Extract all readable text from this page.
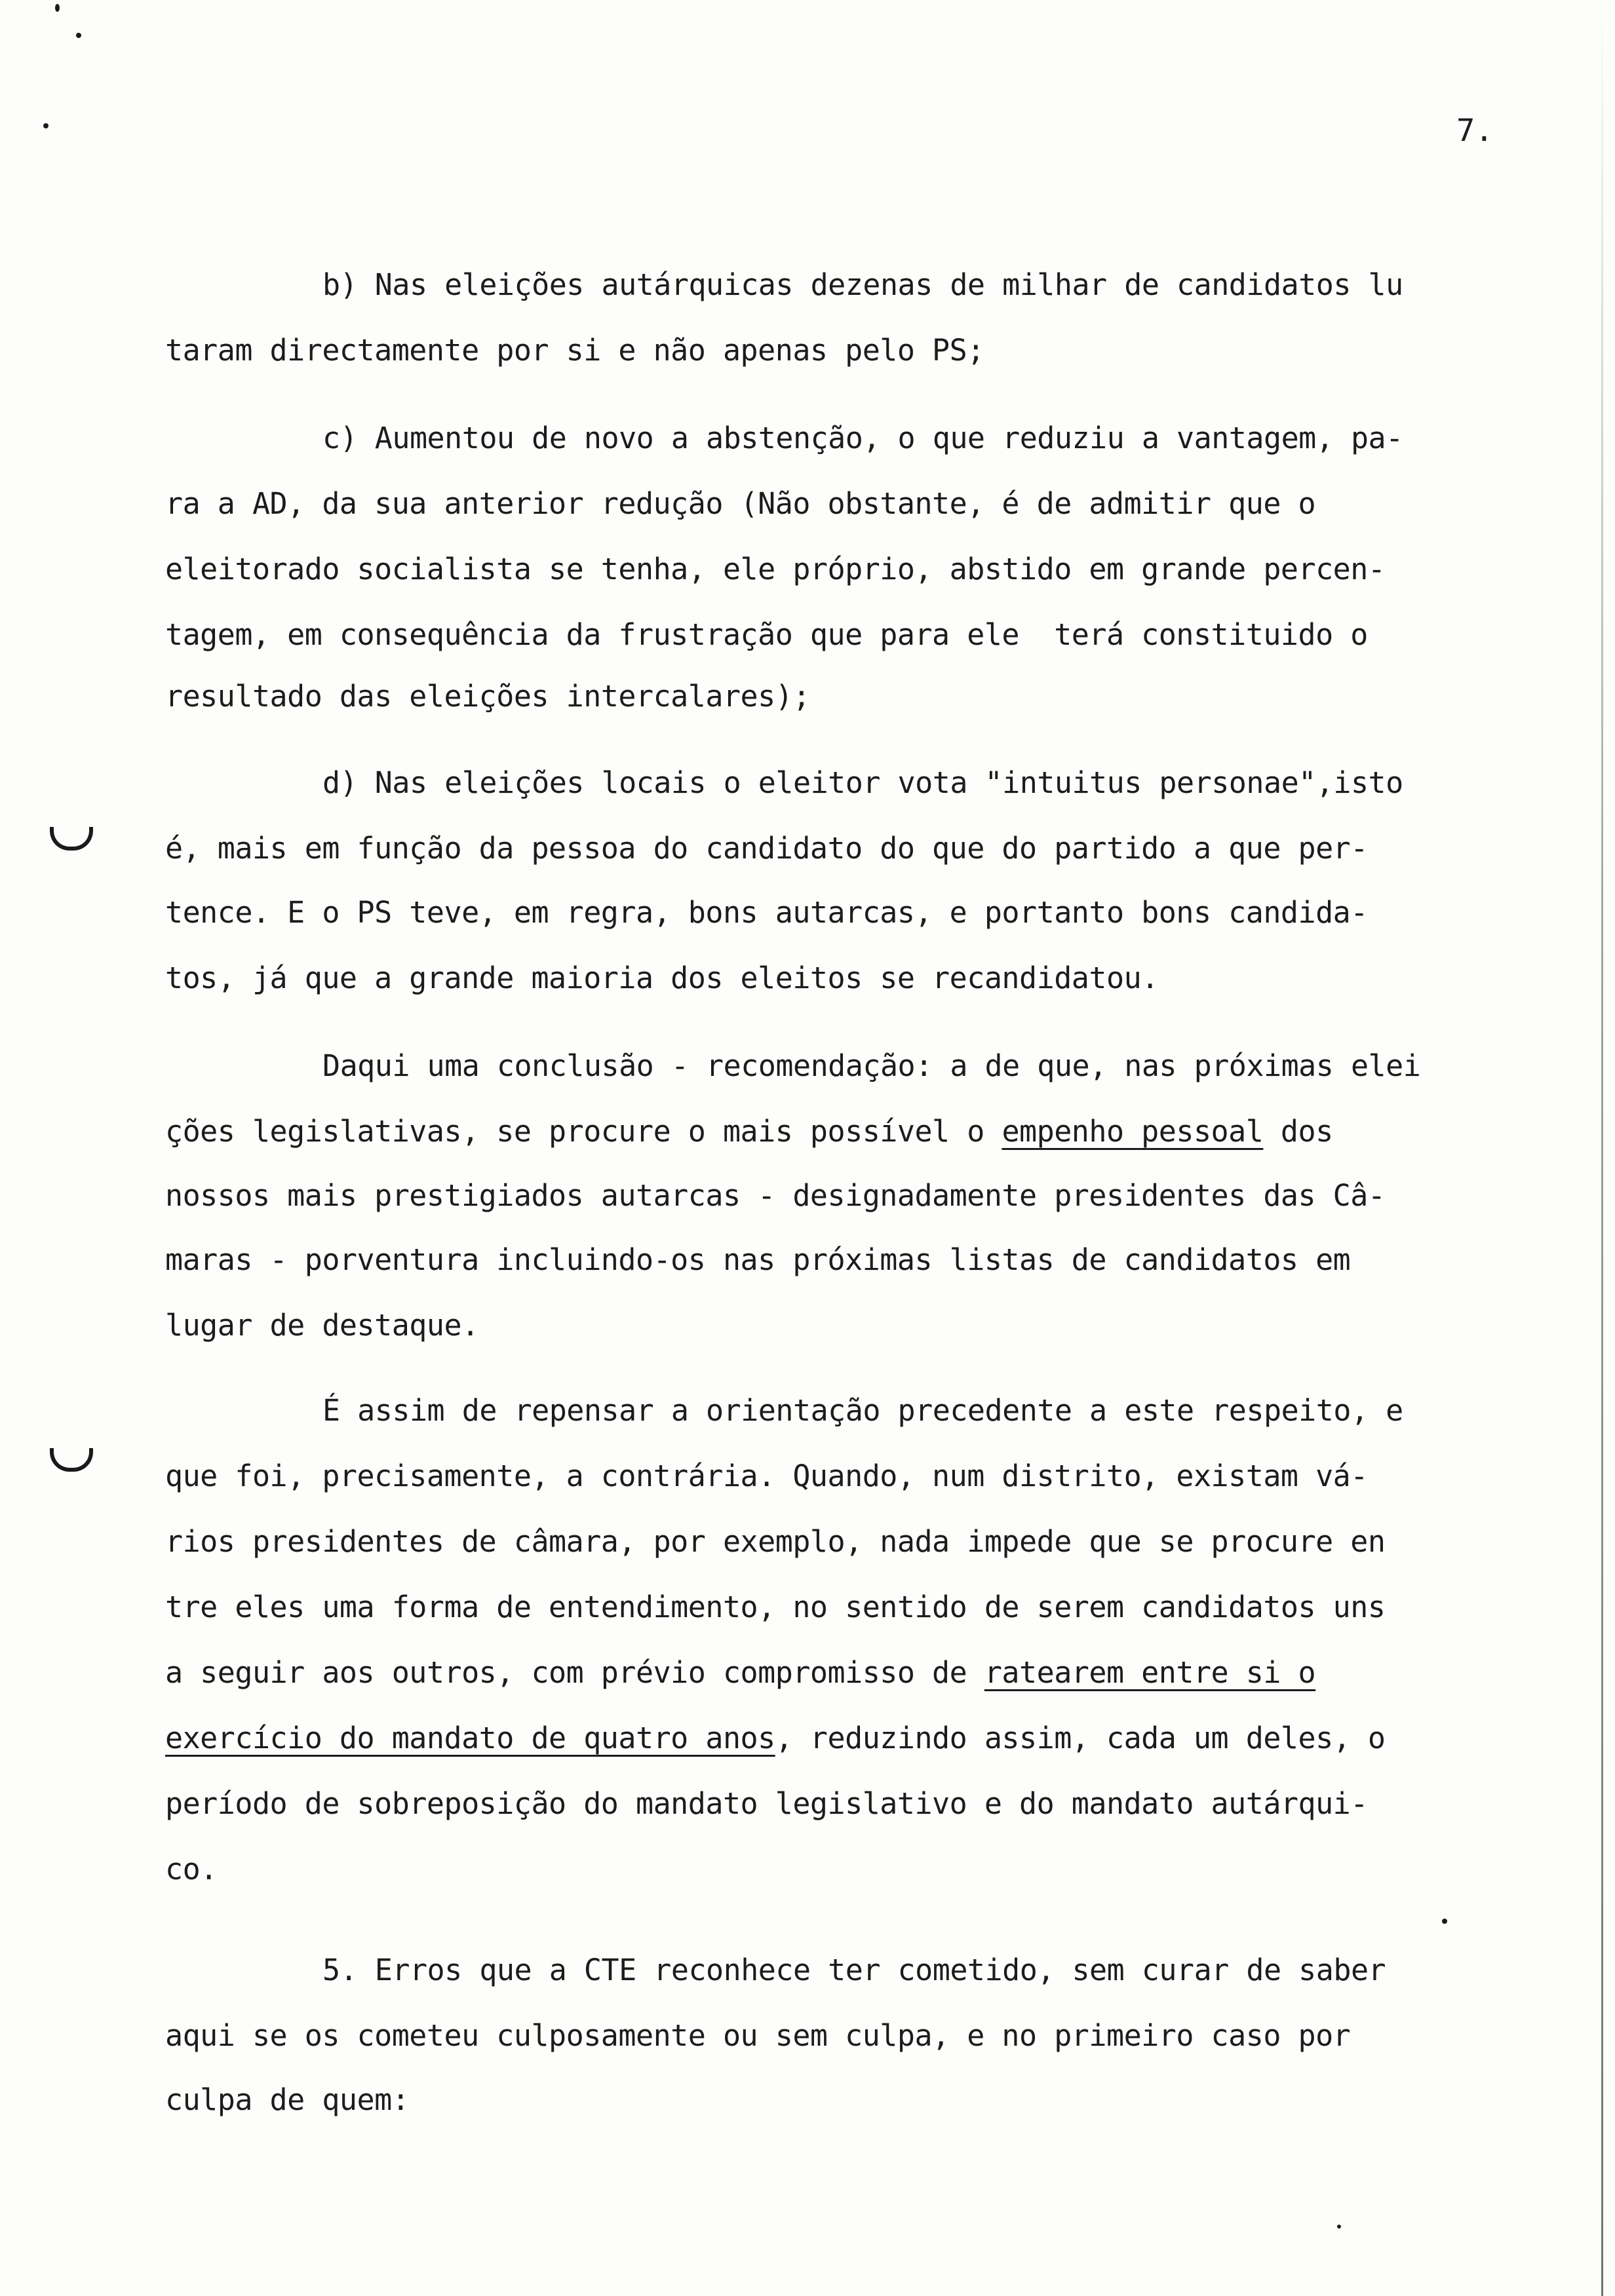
7.
b) Nas eleições autárquicas dezenas de milhar de candidatos lu
taram directamente por si e não apenas pelo PS;
c) Aumentou de novo a abstenção, o que reduziu a vantagem, pa-
ra a AD, da sua anterior redução (Não obstante, é de admitir que o
eleitorado socialista se tenha, ele próprio, abstido em grande percen-
tagem, em consequência da frustração que para ele  terá constituido o
resultado das eleições intercalares);
d) Nas eleições locais o eleitor vota "intuitus personae",isto
é, mais em função da pessoa do candidato do que do partido a que per-
tence. E o PS teve, em regra, bons autarcas, e portanto bons candida-
tos, já que a grande maioria dos eleitos se recandidatou.
Daqui uma conclusão - recomendação: a de que, nas próximas elei
ções legislativas, se procure o mais possível o empenho pessoal dos
nossos mais prestigiados autarcas - designadamente presidentes das Câ-
maras - porventura incluindo-os nas próximas listas de candidatos em
lugar de destaque.
É assim de repensar a orientação precedente a este respeito, e
que foi, precisamente, a contrária. Quando, num distrito, existam vá-
rios presidentes de câmara, por exemplo, nada impede que se procure en
tre eles uma forma de entendimento, no sentido de serem candidatos uns
a seguir aos outros, com prévio compromisso de ratearem entre si o
exercício do mandato de quatro anos, reduzindo assim, cada um deles, o
período de sobreposição do mandato legislativo e do mandato autárqui-
co.
5. Erros que a CTE reconhece ter cometido, sem curar de saber
aqui se os cometeu culposamente ou sem culpa, e no primeiro caso por
culpa de quem:
